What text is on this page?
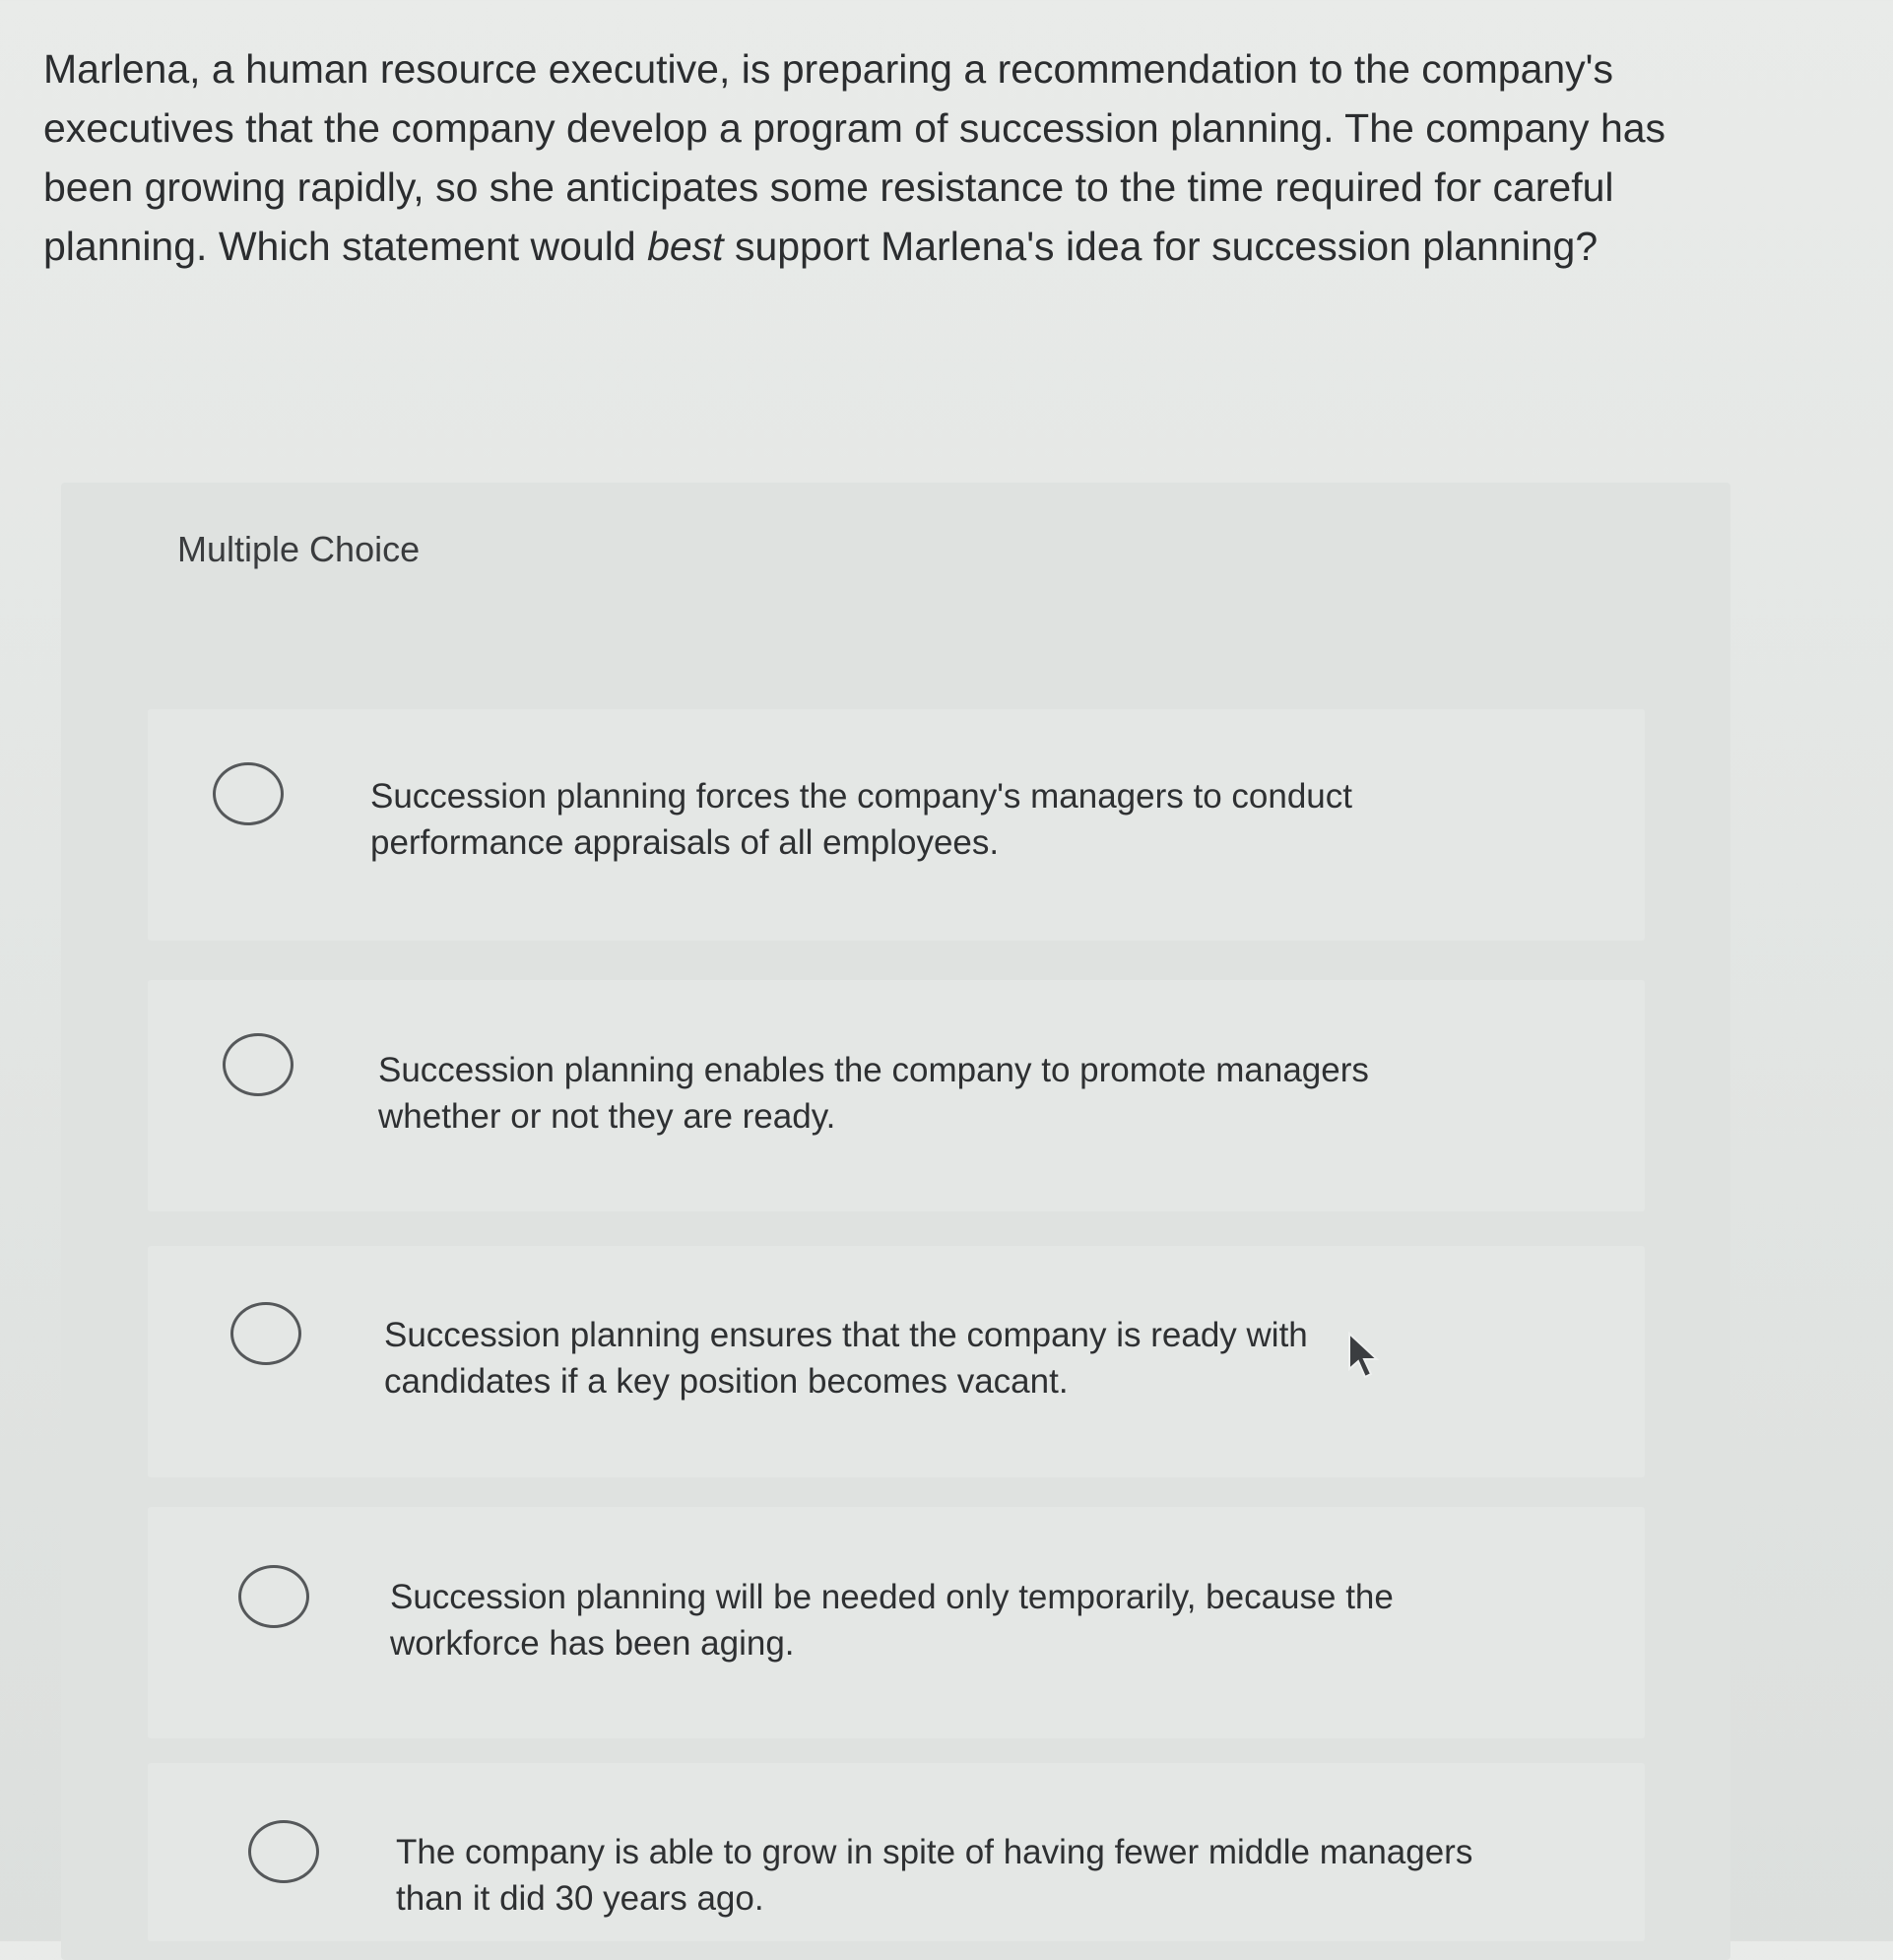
Marlena, a human resource executive, is preparing a recommendation to the company's executives that the company develop a program of succession planning. The company has been growing rapidly, so she anticipates some resistance to the time required for careful planning. Which statement would best support Marlena's idea for succession planning?

Multiple Choice
Succession planning forces the company's managers to conduct performance appraisals of all employees.
Succession planning enables the company to promote managers whether or not they are ready.
Succession planning ensures that the company is ready with candidates if a key position becomes vacant.
Succession planning will be needed only temporarily, because the workforce has been aging.
The company is able to grow in spite of having fewer middle managers than it did 30 years ago.
